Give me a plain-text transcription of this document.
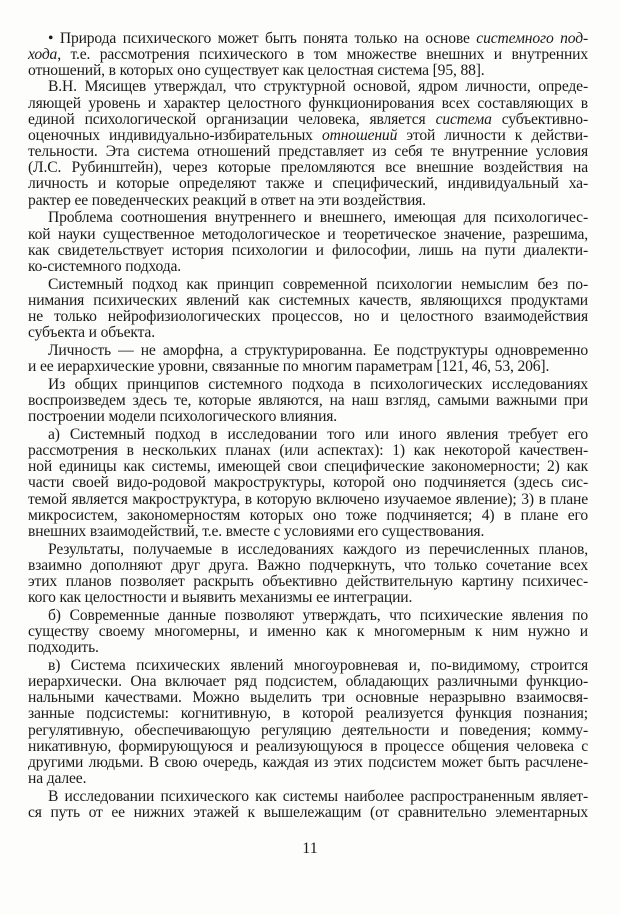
• Природа психического может быть понята только на основе системного под-
хода, т.е. рассмотрения психического в том множестве внешних и внутренних
отношений, в которых оно существует как целостная система [95, 88].
В.Н. Мясищев утверждал, что структурной основой, ядром личности, опреде-
ляющей уровень и характер целостного функционирования всех составляющих в
единой психологической организации человека, является система субъективно-
оценочных индивидуально-избирательных отношений этой личности к действи-
тельности. Эта система отношений представляет из себя те внутренние условия
(Л.С. Рубинштейн), через которые преломляются все внешние воздействия на
личность и которые определяют также и специфический, индивидуальный ха-
рактер ее поведенческих реакций в ответ на эти воздействия.
Проблема соотношения внутреннего и внешнего, имеющая для психологичес-
кой науки существенное методологическое и теоретическое значение, разрешима,
как свидетельствует история психологии и философии, лишь на пути диалекти-
ко-системного подхода.
Системный подход как принцип современной психологии немыслим без по-
нимания психических явлений как системных качеств, являющихся продуктами
не только нейрофизиологических процессов, но и целостного взаимодействия
субъекта и объекта.
Личность — не аморфна, а структурированна. Ее подструктуры одновременно
и ее иерархические уровни, связанные по многим параметрам [121, 46, 53, 206].
Из общих принципов системного подхода в психологических исследованиях
воспроизведем здесь те, которые являются, на наш взгляд, самыми важными при
построении модели психологического влияния.
а) Системный подход в исследовании того или иного явления требует его
рассмотрения в нескольких планах (или аспектах): 1) как некоторой качествен-
ной единицы как системы, имеющей свои специфические закономерности; 2) как
части своей видо-родовой макроструктуры, которой оно подчиняется (здесь сис-
темой является макроструктура, в которую включено изучаемое явление); 3) в плане
микросистем, закономерностям которых оно тоже подчиняется; 4) в плане его
внешних взаимодействий, т.е. вместе с условиями его существования.
Результаты, получаемые в исследованиях каждого из перечисленных планов,
взаимно дополняют друг друга. Важно подчеркнуть, что только сочетание всех
этих планов позволяет раскрыть объективно действительную картину психичес-
кого как целостности и выявить механизмы ее интеграции.
б) Современные данные позволяют утверждать, что психические явления по
существу своему многомерны, и именно как к многомерным к ним нужно и
подходить.
в) Система психических явлений многоуровневая и, по-видимому, строится
иерархически. Она включает ряд подсистем, обладающих различными функцио-
нальными качествами. Можно выделить три основные неразрывно взаимосвя-
занные подсистемы: когнитивную, в которой реализуется функция познания;
регулятивную, обеспечивающую регуляцию деятельности и поведения; комму-
никативную, формирующуюся и реализующуюся в процессе общения человека с
другими людьми. В свою очередь, каждая из этих подсистем может быть расчлене-
на далее.
В исследовании психического как системы наиболее распространенным являет-
ся путь от ее нижних этажей к вышележащим (от сравнительно элементарных
11
